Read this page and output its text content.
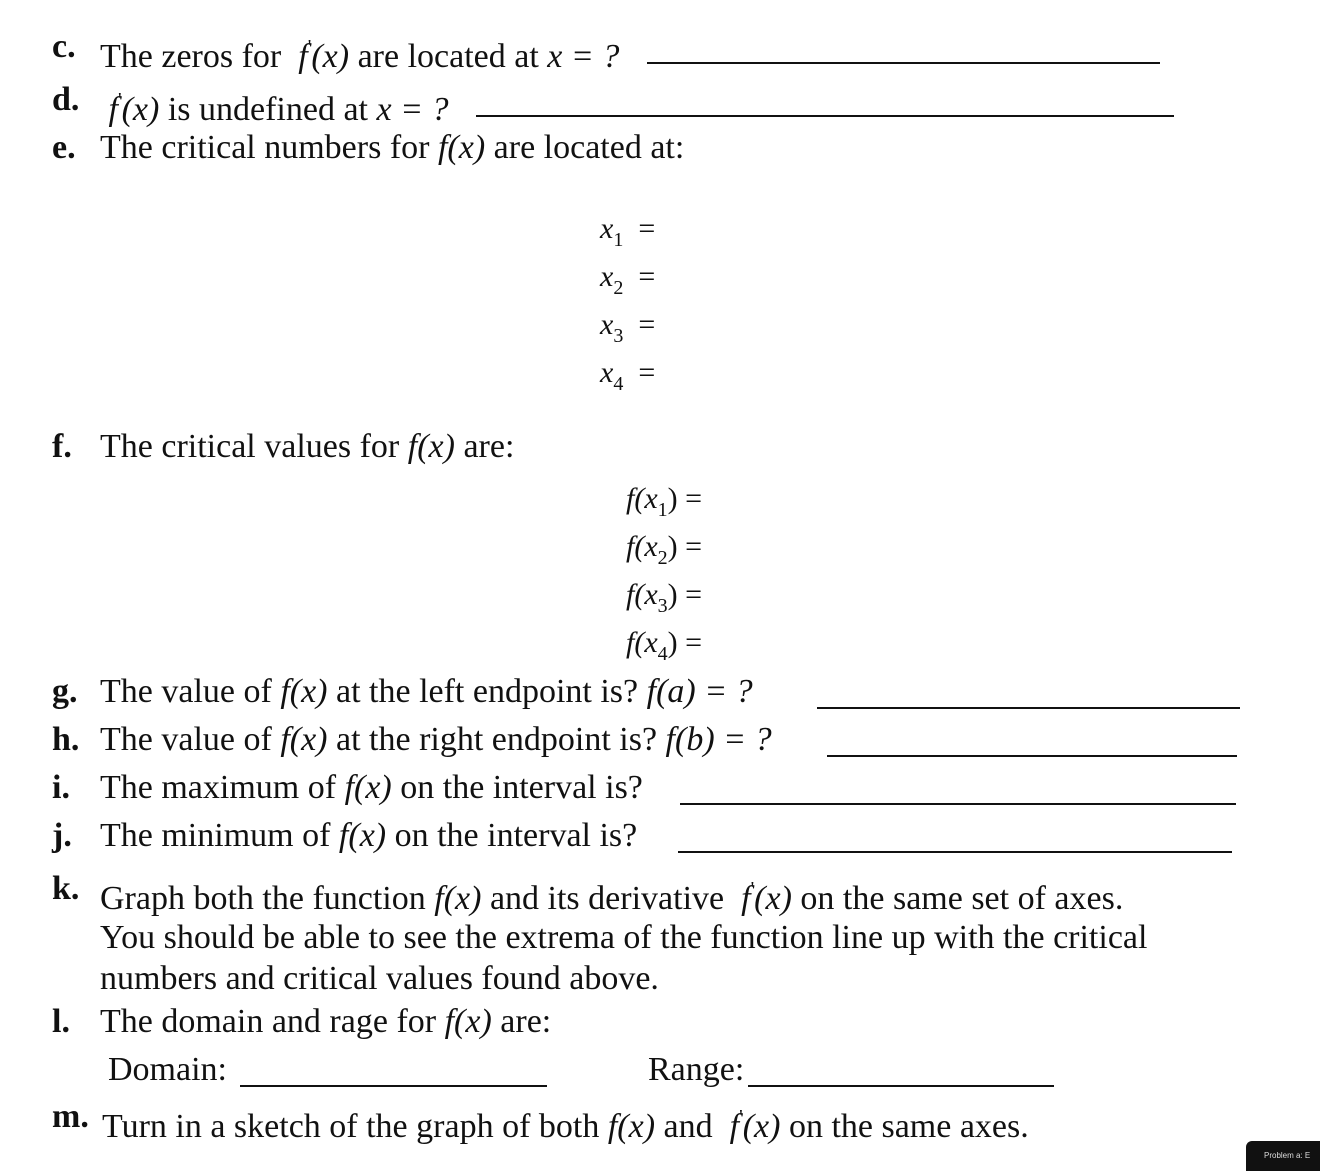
c. The zeros for f'(x) are located at x = ?
d. f'(x) is undefined at x = ?
e. The critical numbers for f(x) are located at:
$x_1$ =
$x_2$ =
$x_3$ =
$x_4$ =
f. The critical values for f(x) are:
$f(x_1)$ =
$f(x_2)$ =
$f(x_3)$ =
$f(x_4)$ =
g. The value of f(x) at the left endpoint is? f(a) = ?
h. The value of f(x) at the right endpoint is? f(b) = ?
i. The maximum of f(x) on the interval is?
j. The minimum of f(x) on the interval is?
k. Graph both the function f(x) and its derivative f'(x) on the same set of axes.
You should be able to see the extrema of the function line up with the critical
numbers and critical values found above.
l. The domain and rage for f(x) are:
Domain:	Range:
m. Turn in a sketch of the graph of both f(x) and f'(x) on the same axes.
Problem a: E
